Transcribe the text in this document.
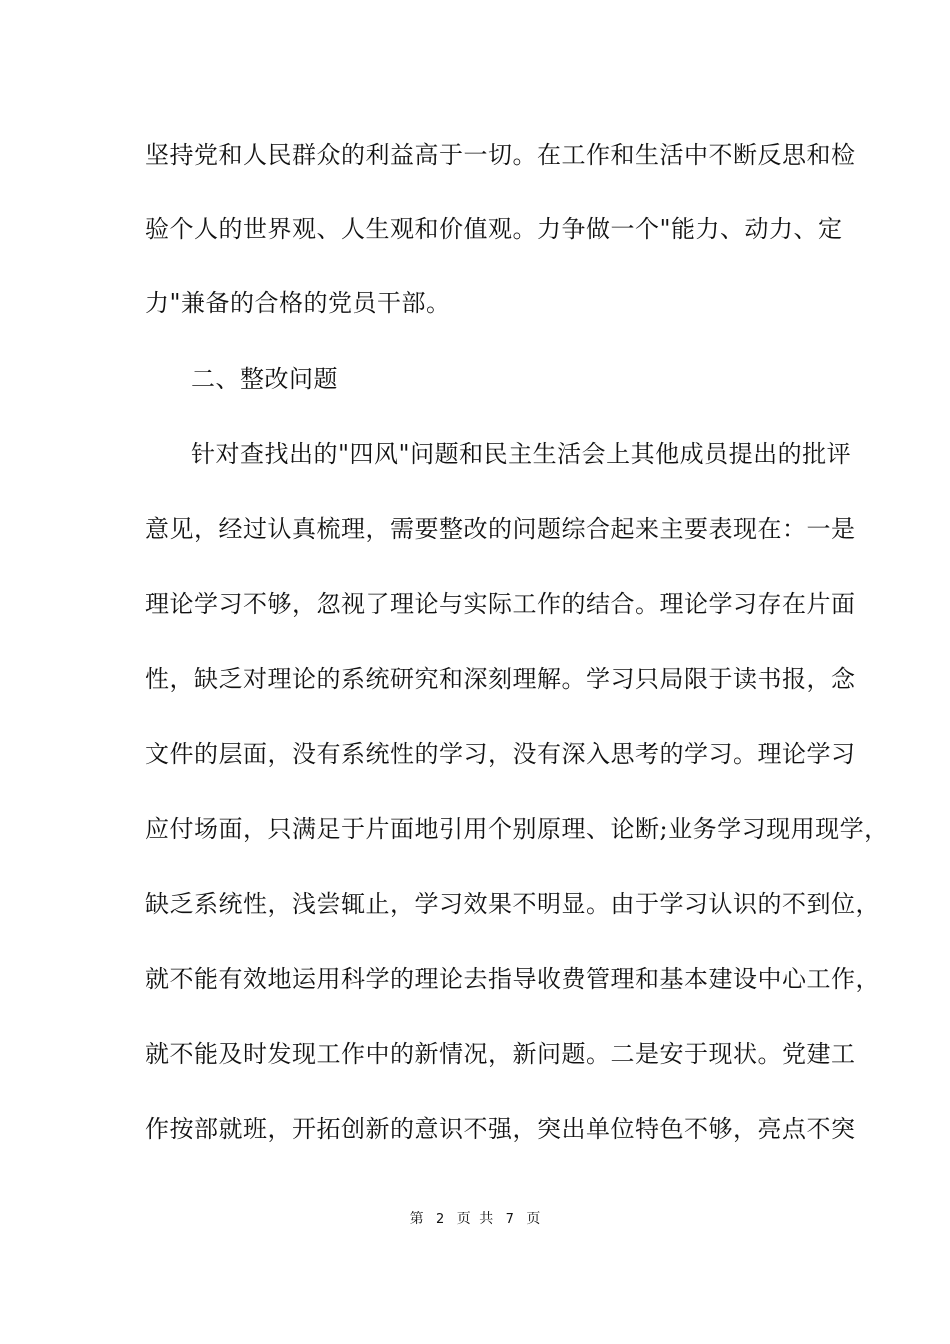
坚持党和人民群众的利益高于一切。在工作和生活中不断反思和检
验个人的世界观、人生观和价值观。力争做一个"能力、动力、定
力"兼备的合格的党员干部。
二、整改问题
针对查找出的"四风"问题和民主生活会上其他成员提出的批评
意见，经过认真梳理，需要整改的问题综合起来主要表现在：一是
理论学习不够，忽视了理论与实际工作的结合。理论学习存在片面
性，缺乏对理论的系统研究和深刻理解。学习只局限于读书报，念
文件的层面，没有系统性的学习，没有深入思考的学习。理论学习
应付场面，只满足于片面地引用个别原理、论断;业务学习现用现学，
缺乏系统性，浅尝辄止，学习效果不明显。由于学习认识的不到位，
就不能有效地运用科学的理论去指导收费管理和基本建设中心工作，
就不能及时发现工作中的新情况，新问题。二是安于现状。党建工
作按部就班，开拓创新的意识不强，突出单位特色不够，亮点不突
第 2 页 共 7 页
